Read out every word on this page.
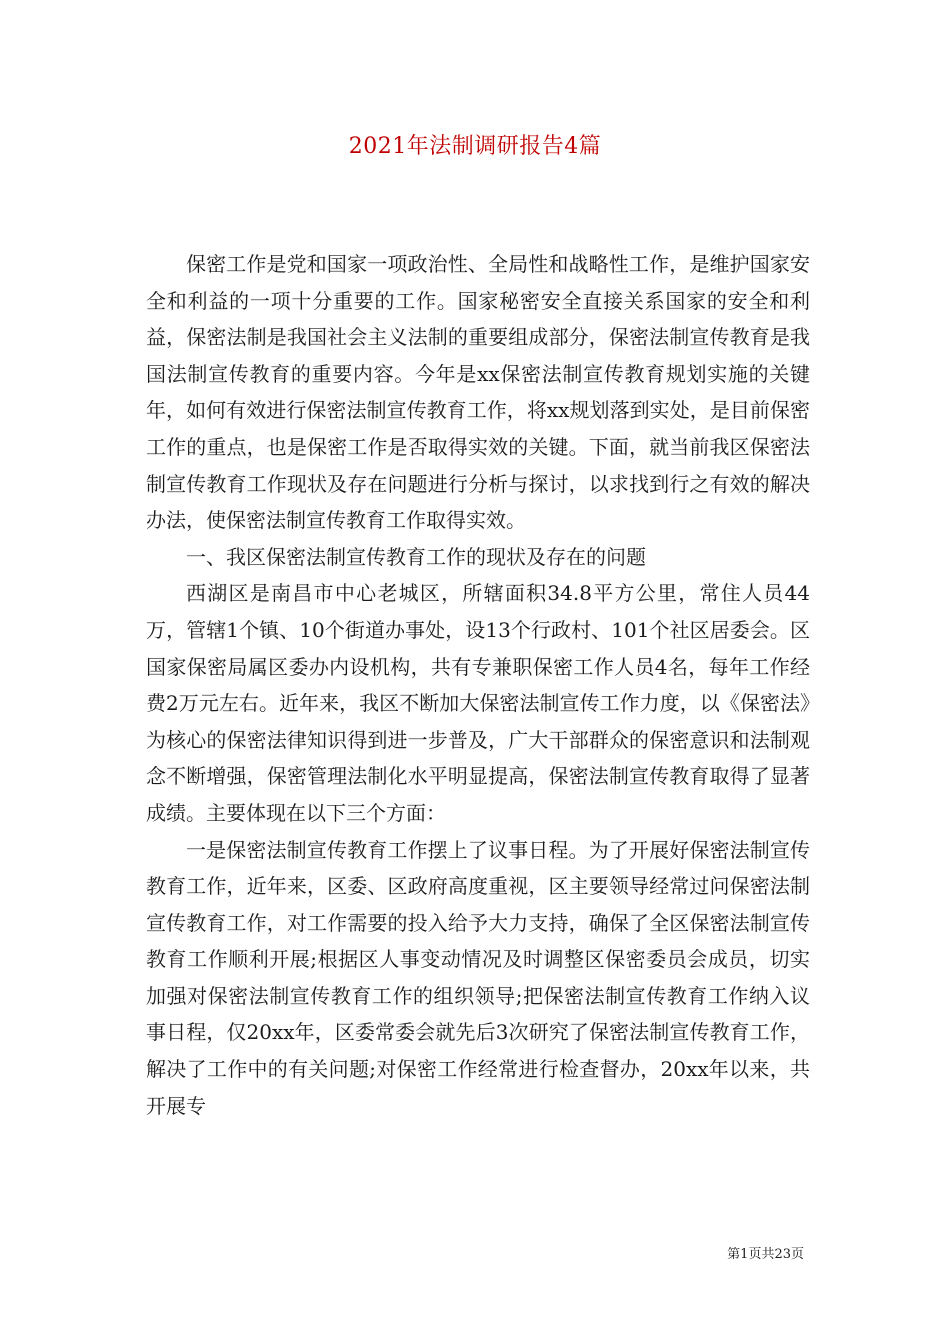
2021年法制调研报告4篇

保密工作是党和国家一项政治性、全局性和战略性工作，是维护国家安全和利益的一项十分重要的工作。国家秘密安全直接关系国家的安全和利益，保密法制是我国社会主义法制的重要组成部分，保密法制宣传教育是我国法制宣传教育的重要内容。今年是xx保密法制宣传教育规划实施的关键年，如何有效进行保密法制宣传教育工作，将xx规划落到实处，是目前保密工作的重点，也是保密工作是否取得实效的关键。下面，就当前我区保密法制宣传教育工作现状及存在问题进行分析与探讨，以求找到行之有效的解决办法，使保密法制宣传教育工作取得实效。

一、我区保密法制宣传教育工作的现状及存在的问题

西湖区是南昌市中心老城区，所辖面积34.8平方公里，常住人员44万，管辖1个镇、10个街道办事处，设13个行政村、101个社区居委会。区国家保密局属区委办内设机构，共有专兼职保密工作人员4名，每年工作经费2万元左右。近年来，我区不断加大保密法制宣传工作力度，以《保密法》为核心的保密法律知识得到进一步普及，广大干部群众的保密意识和法制观念不断增强，保密管理法制化水平明显提高，保密法制宣传教育取得了显著成绩。主要体现在以下三个方面：

一是保密法制宣传教育工作摆上了议事日程。为了开展好保密法制宣传教育工作，近年来，区委、区政府高度重视，区主要领导经常过问保密法制宣传教育工作，对工作需要的投入给予大力支持，确保了全区保密法制宣传教育工作顺利开展;根据区人事变动情况及时调整区保密委员会成员，切实加强对保密法制宣传教育工作的组织领导;把保密法制宣传教育工作纳入议事日程，仅20xx年，区委常委会就先后3次研究了保密法制宣传教育工作，解决了工作中的有关问题;对保密工作经常进行检查督办，20xx年以来，共开展专

第1页共23页
